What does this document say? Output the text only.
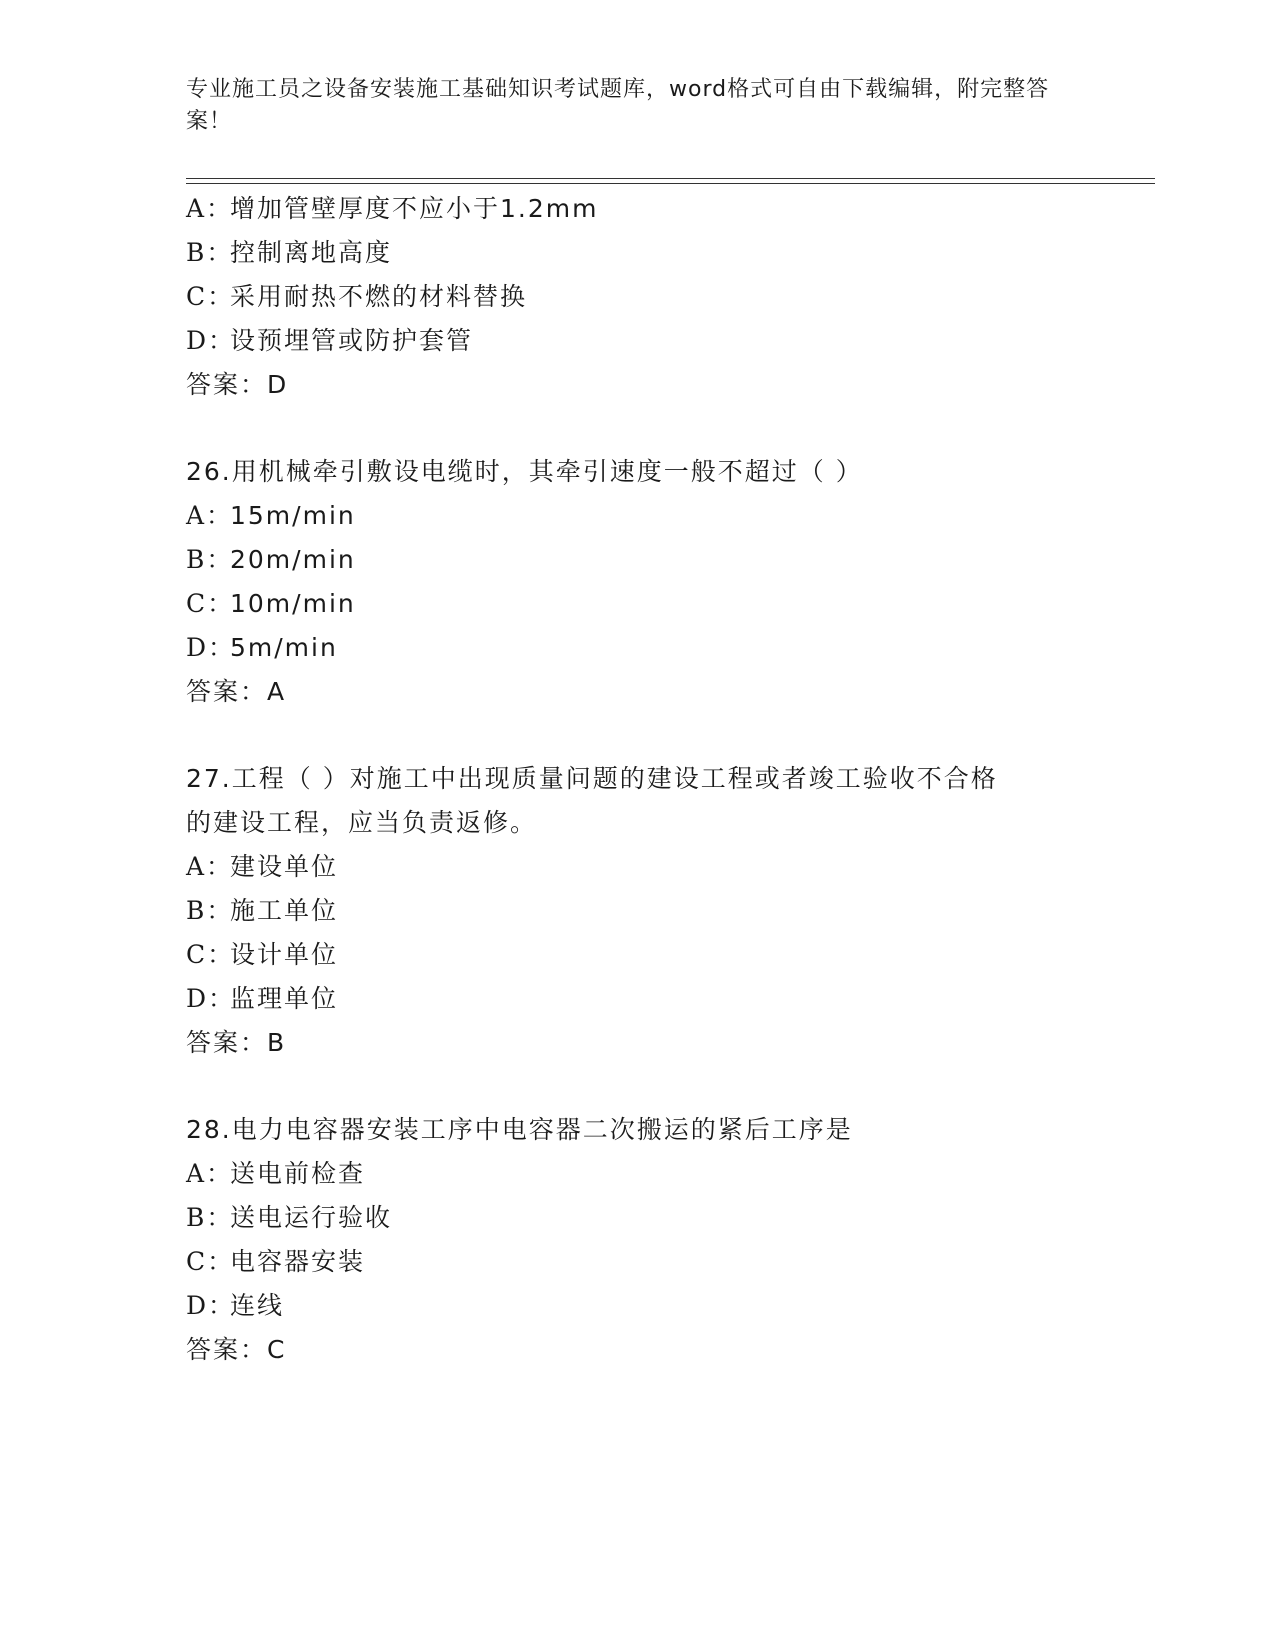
专业施工员之设备安装施工基础知识考试题库，word格式可自由下载编辑，附完整答案！
A：增加管壁厚度不应小于1.2mm
B：控制离地高度
C：采用耐热不燃的材料替换
D：设预埋管或防护套管
答案：D
26.用机械牵引敷设电缆时，其牵引速度一般不超过（ ）
A：15m/min
B：20m/min
C：10m/min
D：5m/min
答案：A
27.工程（ ）对施工中出现质量问题的建设工程或者竣工验收不合格
的建设工程，应当负责返修。
A：建设单位
B：施工单位
C：设计单位
D：监理单位
答案：B
28.电力电容器安装工序中电容器二次搬运的紧后工序是
A：送电前检查
B：送电运行验收
C：电容器安装
D：连线
答案：C
